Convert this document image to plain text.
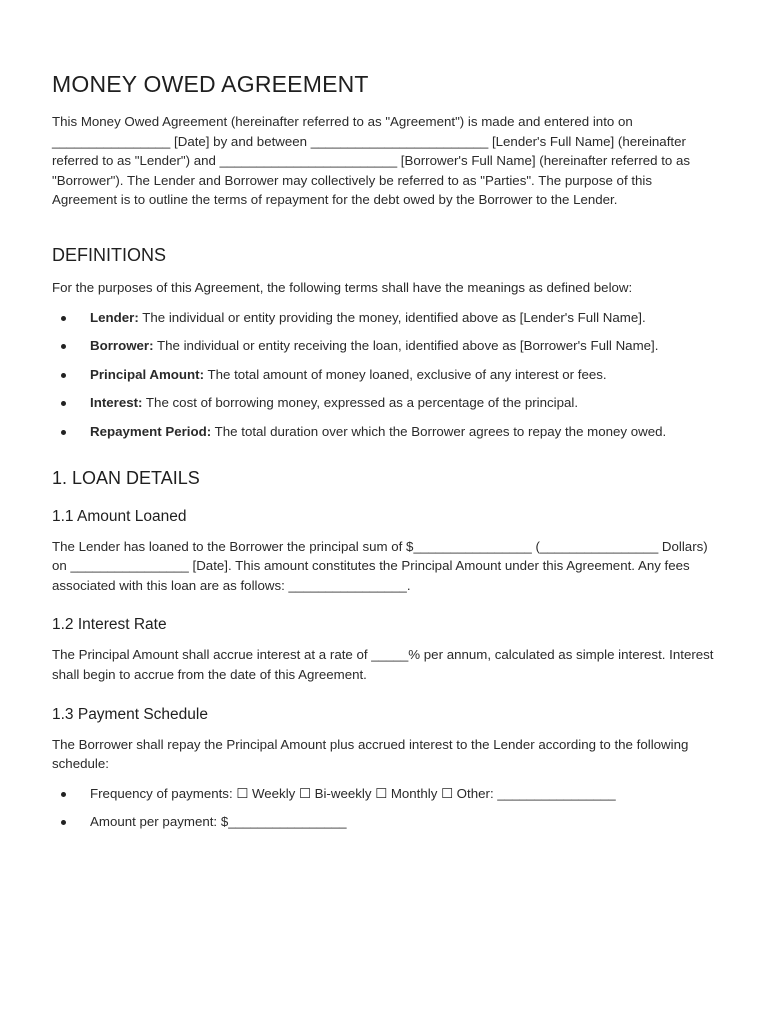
MONEY OWED AGREEMENT

This Money Owed Agreement (hereinafter referred to as "Agreement") is made and entered into on ________________ [Date] by and between ________________________ [Lender's Full Name] (hereinafter referred to as "Lender") and ________________________ [Borrower's Full Name] (hereinafter referred to as "Borrower"). The Lender and Borrower may collectively be referred to as "Parties". The purpose of this Agreement is to outline the terms of repayment for the debt owed by the Borrower to the Lender.

DEFINITIONS

For the purposes of this Agreement, the following terms shall have the meanings as defined below:

Lender: The individual or entity providing the money, identified above as [Lender's Full Name].
Borrower: The individual or entity receiving the loan, identified above as [Borrower's Full Name].
Principal Amount: The total amount of money loaned, exclusive of any interest or fees.
Interest: The cost of borrowing money, expressed as a percentage of the principal.
Repayment Period: The total duration over which the Borrower agrees to repay the money owed.
1. LOAN DETAILS
1.1 Amount Loaned

The Lender has loaned to the Borrower the principal sum of $________________ (________________ Dollars) on ________________ [Date]. This amount constitutes the Principal Amount under this Agreement. Any fees associated with this loan are as follows: ________________.

1.2 Interest Rate

The Principal Amount shall accrue interest at a rate of _____% per annum, calculated as simple interest. Interest shall begin to accrue from the date of this Agreement.

1.3 Payment Schedule

The Borrower shall repay the Principal Amount plus accrued interest to the Lender according to the following schedule:

Frequency of payments: ☐ Weekly ☐ Bi-weekly ☐ Monthly ☐ Other: ________________
Amount per payment: $________________
